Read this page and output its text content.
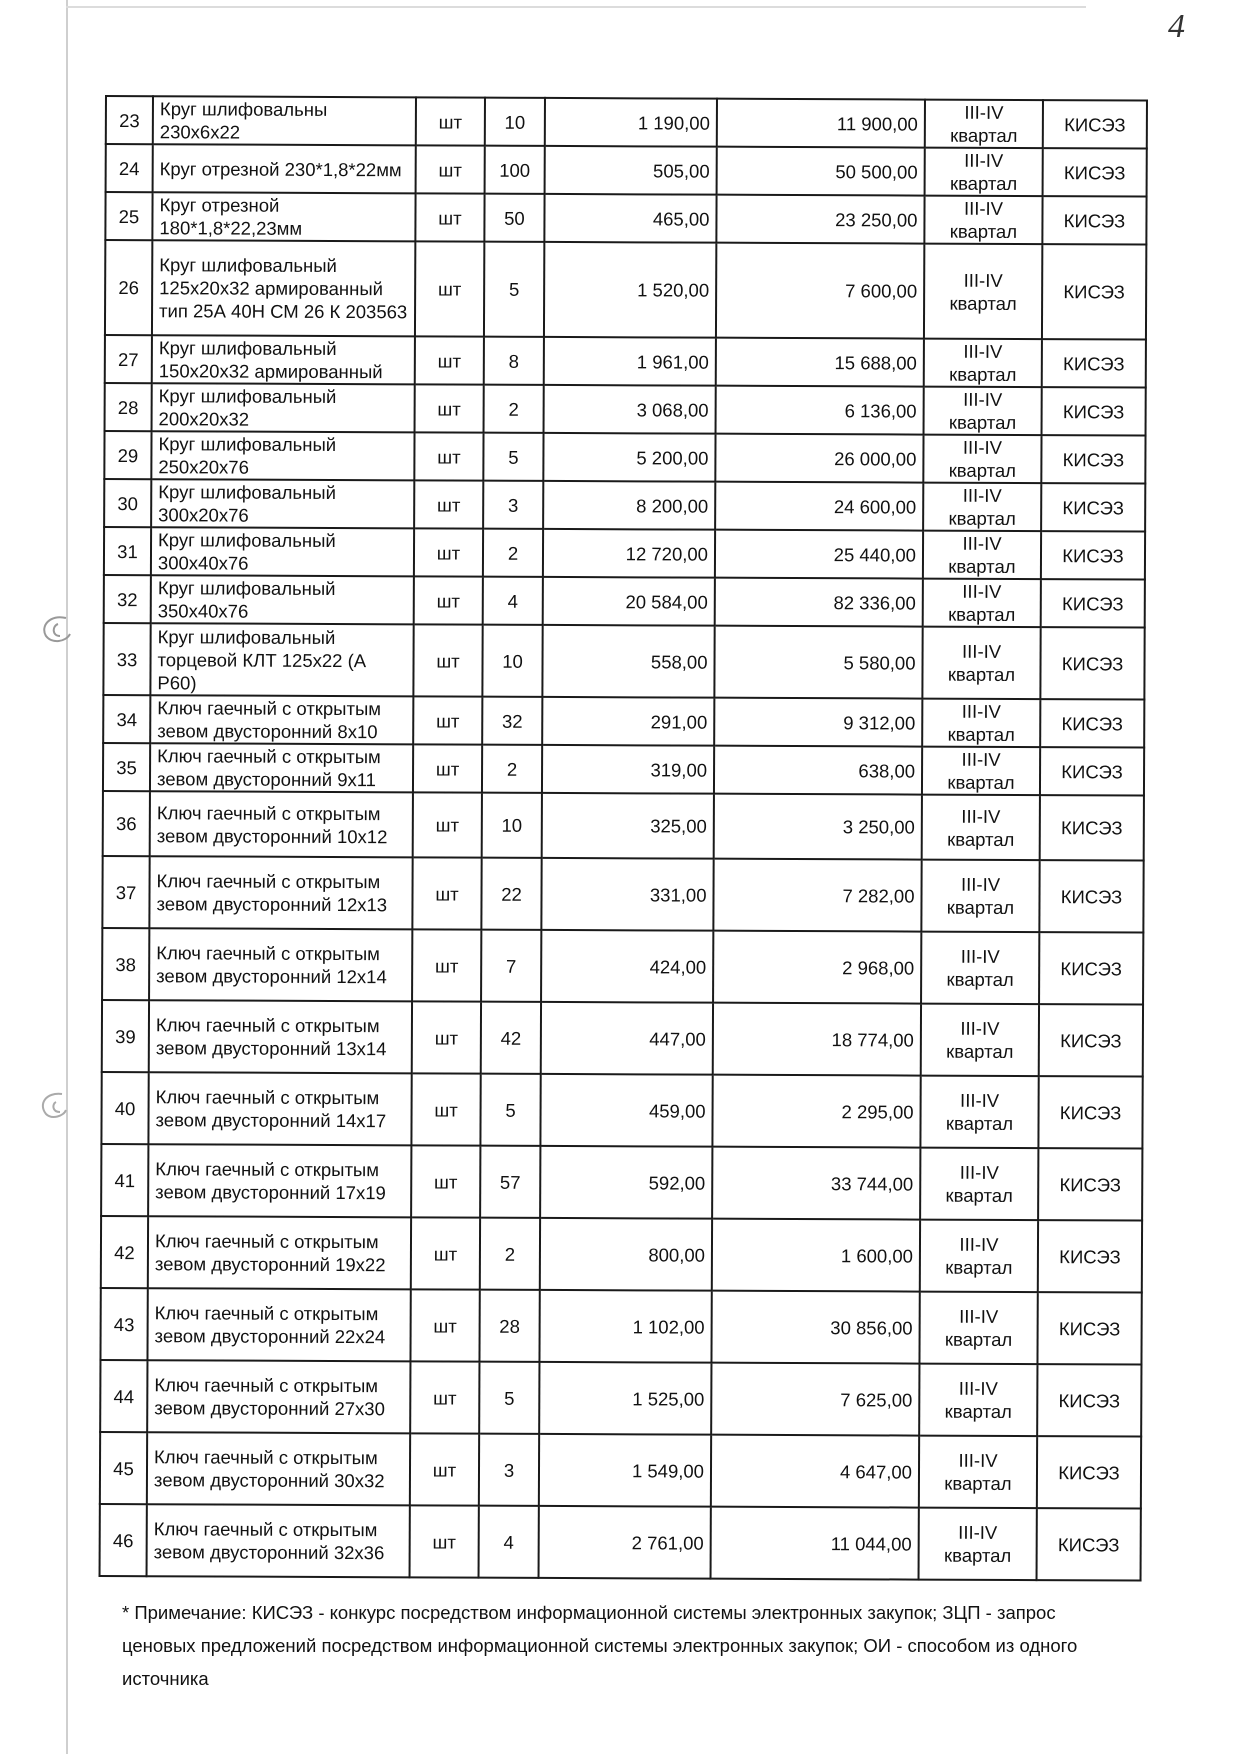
4
23	Круг шлифовальны 230x6x22	шт	10	1 190,00	11 900,00	III-IV квартал	КИСЭЗ
24	Круг отрезной 230*1,8*22мм	шт	100	505,00	50 500,00	III-IV квартал	КИСЭЗ
25	Круг отрезной 180*1,8*22,23мм	шт	50	465,00	23 250,00	III-IV квартал	КИСЭЗ
26	Круг шлифовальный 125x20x32 армированный тип 25А 40Н СМ 26 К 203563	шт	5	1 520,00	7 600,00	III-IV квартал	КИСЭЗ
27	Круг шлифовальный 150x20x32 армированный	шт	8	1 961,00	15 688,00	III-IV квартал	КИСЭЗ
28	Круг шлифовальный 200x20x32	шт	2	3 068,00	6 136,00	III-IV квартал	КИСЭЗ
29	Круг шлифовальный 250x20x76	шт	5	5 200,00	26 000,00	III-IV квартал	КИСЭЗ
30	Круг шлифовальный 300x20x76	шт	3	8 200,00	24 600,00	III-IV квартал	КИСЭЗ
31	Круг шлифовальный 300x40x76	шт	2	12 720,00	25 440,00	III-IV квартал	КИСЭЗ
32	Круг шлифовальный 350x40x76	шт	4	20 584,00	82 336,00	III-IV квартал	КИСЭЗ
33	Круг шлифовальный торцевой КЛТ 125x22 (А Р60)	шт	10	558,00	5 580,00	III-IV квартал	КИСЭЗ
34	Ключ гаечный с открытым зевом двусторонний 8x10	шт	32	291,00	9 312,00	III-IV квартал	КИСЭЗ
35	Ключ гаечный с открытым зевом двусторонний 9x11	шт	2	319,00	638,00	III-IV квартал	КИСЭЗ
36	Ключ гаечный с открытым зевом двусторонний 10x12	шт	10	325,00	3 250,00	III-IV квартал	КИСЭЗ
37	Ключ гаечный с открытым зевом двусторонний 12x13	шт	22	331,00	7 282,00	III-IV квартал	КИСЭЗ
38	Ключ гаечный с открытым зевом двусторонний 12x14	шт	7	424,00	2 968,00	III-IV квартал	КИСЭЗ
39	Ключ гаечный с открытым зевом двусторонний 13x14	шт	42	447,00	18 774,00	III-IV квартал	КИСЭЗ
40	Ключ гаечный с открытым зевом двусторонний 14x17	шт	5	459,00	2 295,00	III-IV квартал	КИСЭЗ
41	Ключ гаечный с открытым зевом двусторонний 17x19	шт	57	592,00	33 744,00	III-IV квартал	КИСЭЗ
42	Ключ гаечный с открытым зевом двусторонний 19x22	шт	2	800,00	1 600,00	III-IV квартал	КИСЭЗ
43	Ключ гаечный с открытым зевом двусторонний 22x24	шт	28	1 102,00	30 856,00	III-IV квартал	КИСЭЗ
44	Ключ гаечный с открытым зевом двусторонний 27x30	шт	5	1 525,00	7 625,00	III-IV квартал	КИСЭЗ
45	Ключ гаечный с открытым зевом двусторонний 30x32	шт	3	1 549,00	4 647,00	III-IV квартал	КИСЭЗ
46	Ключ гаечный с открытым зевом двусторонний 32x36	шт	4	2 761,00	11 044,00	III-IV квартал	КИСЭЗ
* Примечание: КИСЭЗ - конкурс посредством информационной системы электронных закупок; ЗЦП - запрос ценовых предложений посредством информационной системы электронных закупок; ОИ - способом из одного источника
